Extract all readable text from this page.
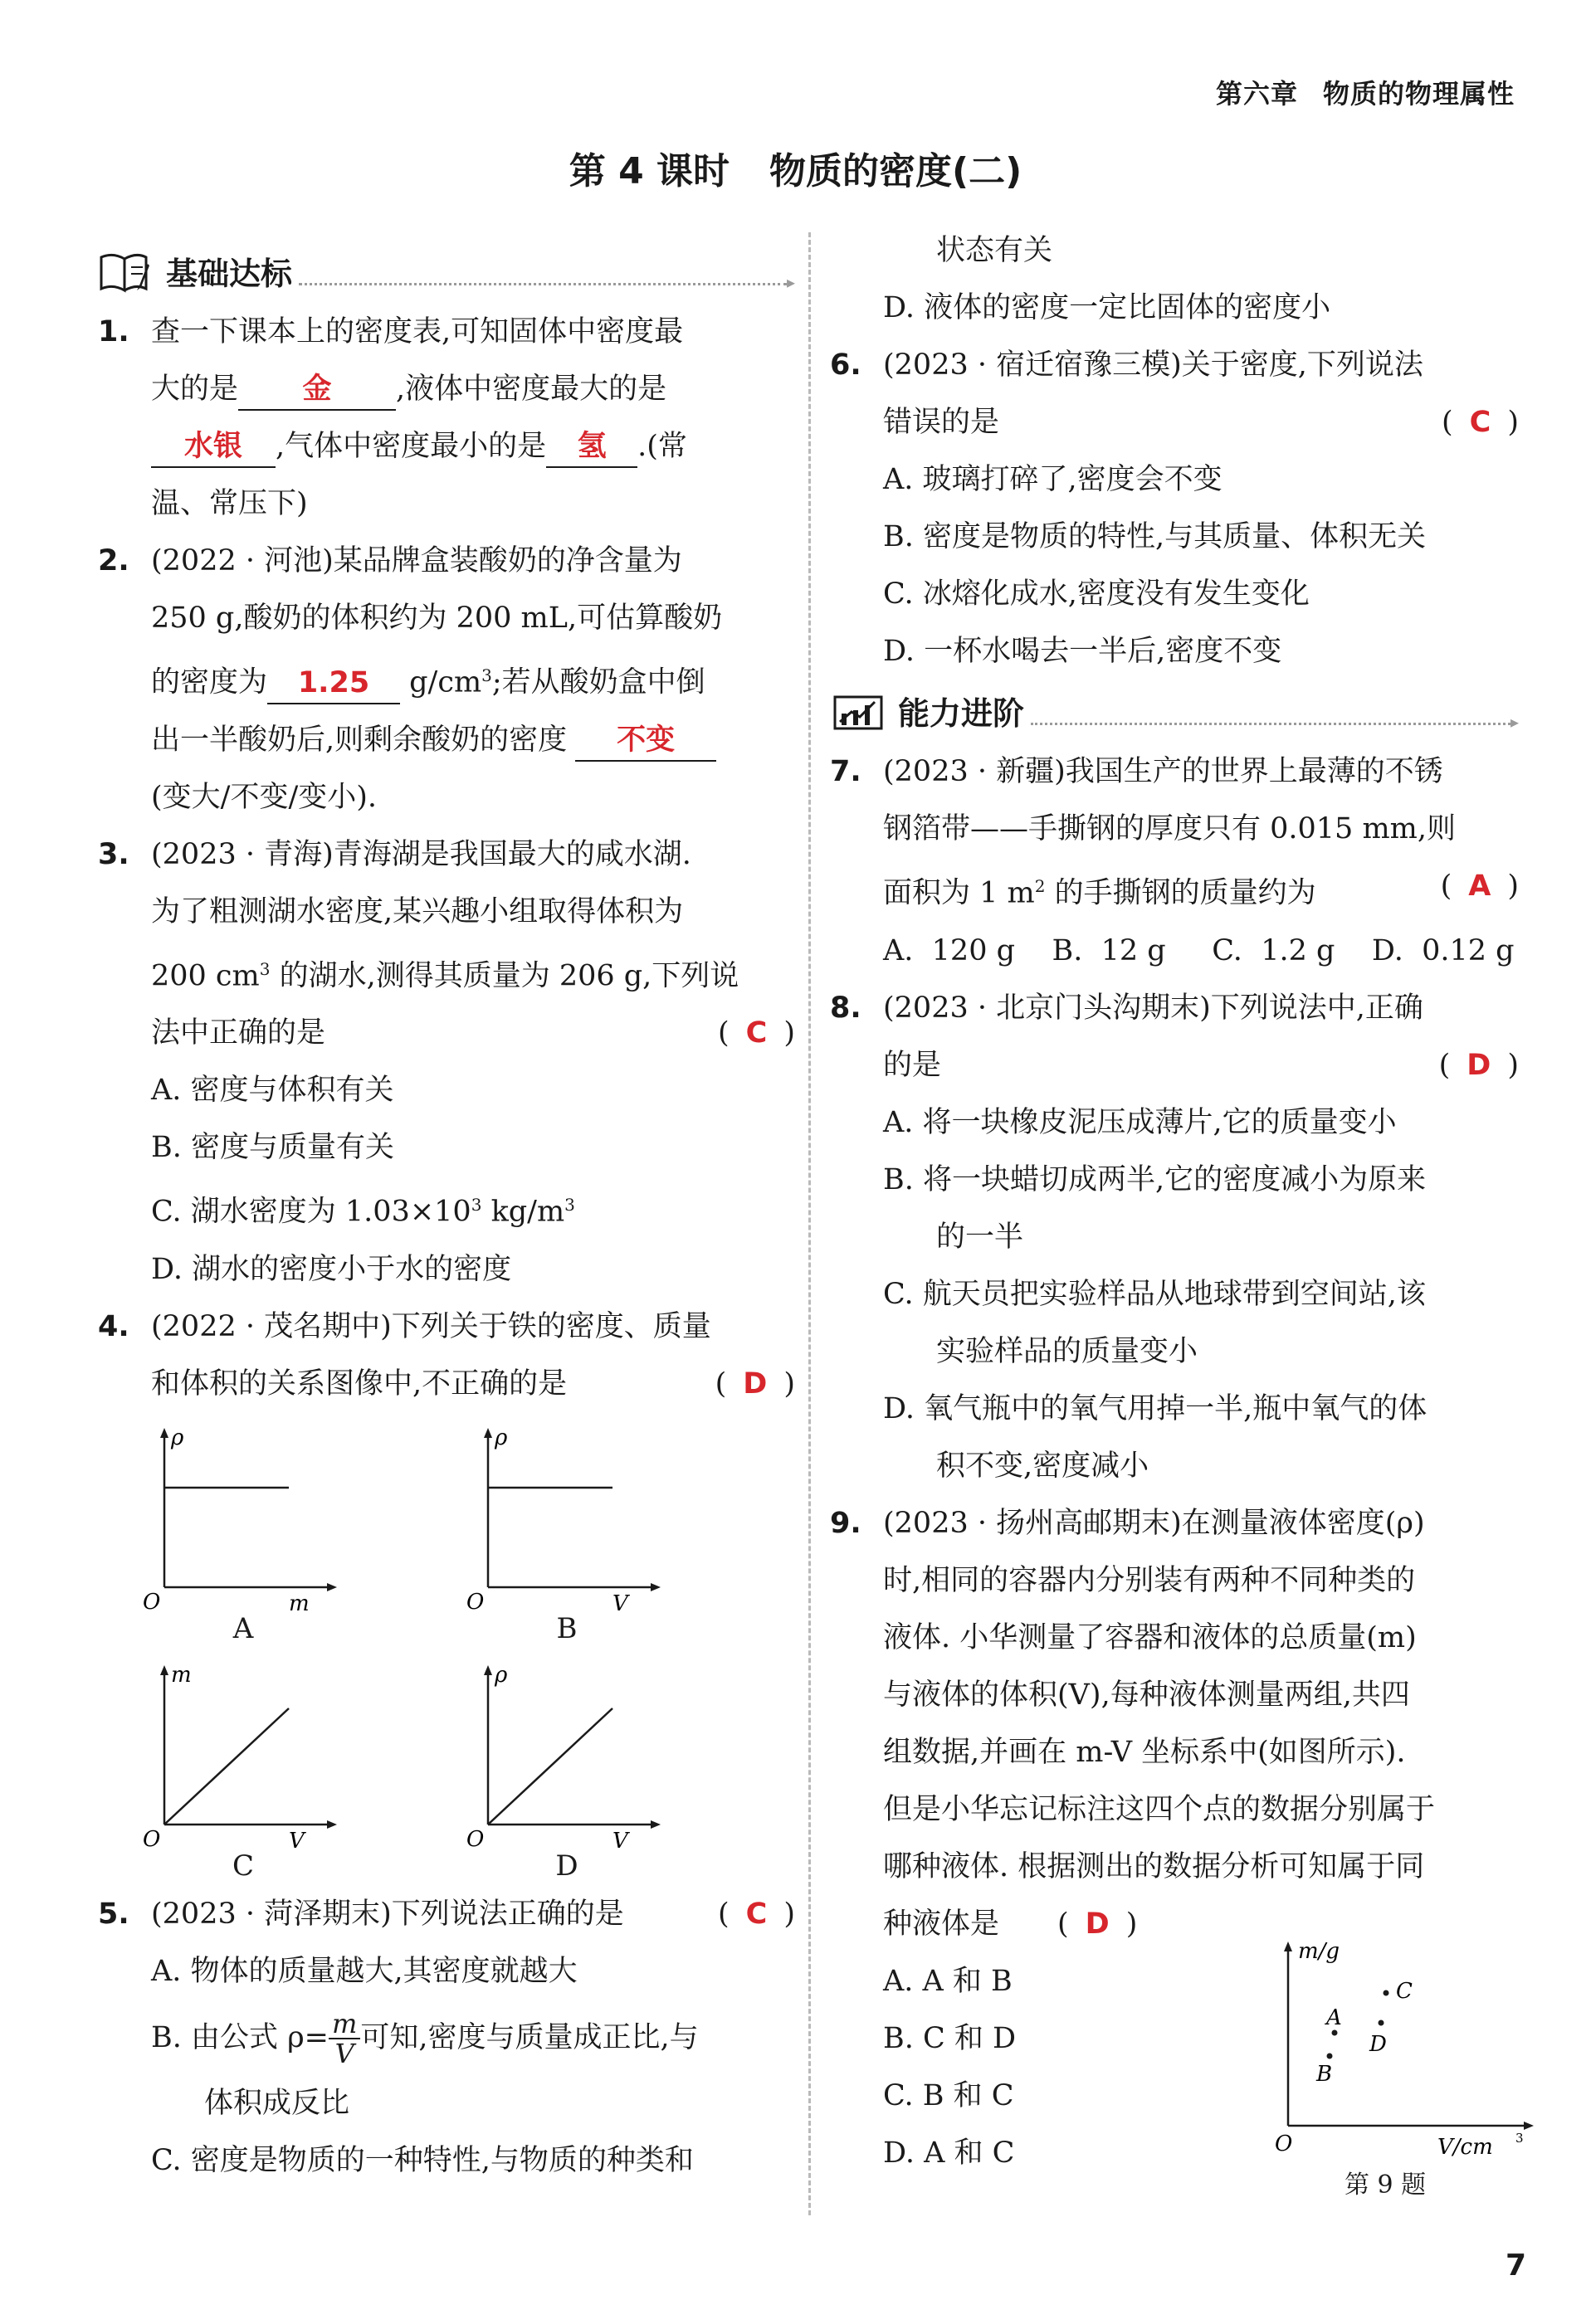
第六章 物质的物理属性
第 4 课时 物质的密度(二)
基础达标	▸
1. 查一下课本上的密度表,可知固体中密度最
大的是 金 ,液体中密度最大的是
水银 ,气体中密度最小的是 氢 .(常
温、常压下)
2. (2022 · 河池)某品牌盒装酸奶的净含量为
250 g,酸奶的体积约为 200 mL,可估算酸奶
的密度为 1.25 $g/cm^3$;若从酸奶盒中倒
出一半酸奶后,则剩余酸奶的密度 不变
(变大/不变/变小).
3. (2023 · 青海)青海湖是我国最大的咸水湖.
为了粗测湖水密度,某兴趣小组取得体积为
200 $cm^3$ 的湖水,测得其质量为 206 g,下列说
法中正确的是	( C )
A. 密度与体积有关
B. 密度与质量有关
C. 湖水密度为 $1.03\times 10^3$ $kg/m^3$
D. 湖水的密度小于水的密度
4. (2022 · 茂名期中)下列关于铁的密度、质量
和体积的关系图像中,不正确的是	( D )
ρ
m
O
A
ρ
V
O
B
m
V
O
C
ρ
V
O
D
5. (2023 · 菏泽期末)下列说法正确的是	( C )
A. 物体的质量越大,其密度就越大
B. 由公式 $\rho= \frac{m}{V}$ 可知,密度与质量成正比,与
体积成反比
C. 密度是物质的一种特性,与物质的种类和
状态有关
D. 液体的密度一定比固体的密度小
6. (2023 · 宿迁宿豫三模)关于密度,下列说法
错误的是	( C )
A. 玻璃打碎了,密度会不变
B. 密度是物质的特性,与其质量、体积无关
C. 冰熔化成水,密度没有发生变化
D. 一杯水喝去一半后,密度不变
能力进阶	▸
7. (2023 · 新疆)我国生产的世界上最薄的不锈
钢箔带——手撕钢的厚度只有 0.015 mm,则
面积为 1 $m^2$ 的手撕钢的质量约为	( A )
A.  120 g    B.  12 g     C.  1.2 g    D.  0.12 g
8. (2023 · 北京门头沟期末)下列说法中,正确
的是	( D )
A. 将一块橡皮泥压成薄片,它的质量变小
B. 将一块蜡切成两半,它的密度减小为原来
的一半
C. 航天员把实验样品从地球带到空间站,该
实验样品的质量变小
D. 氧气瓶中的氧气用掉一半,瓶中氧气的体
积不变,密度减小
9. (2023 · 扬州高邮期末)在测量液体密度(ρ)
时,相同的容器内分别装有两种不同种类的
液体. 小华测量了容器和液体的总质量(m)
与液体的体积(V),每种液体测量两组,共四
组数据,并画在 m-V 坐标系中(如图所示).
但是小华忘记标注这四个点的数据分别属于
哪种液体. 根据测出的数据分析可知属于同
种液体是 ( D )
A. A 和 B
B. C 和 D
C. B 和 C
D. A 和 C
m/g
V/cm 3
O
A
B
C
D
第 9 题
7
